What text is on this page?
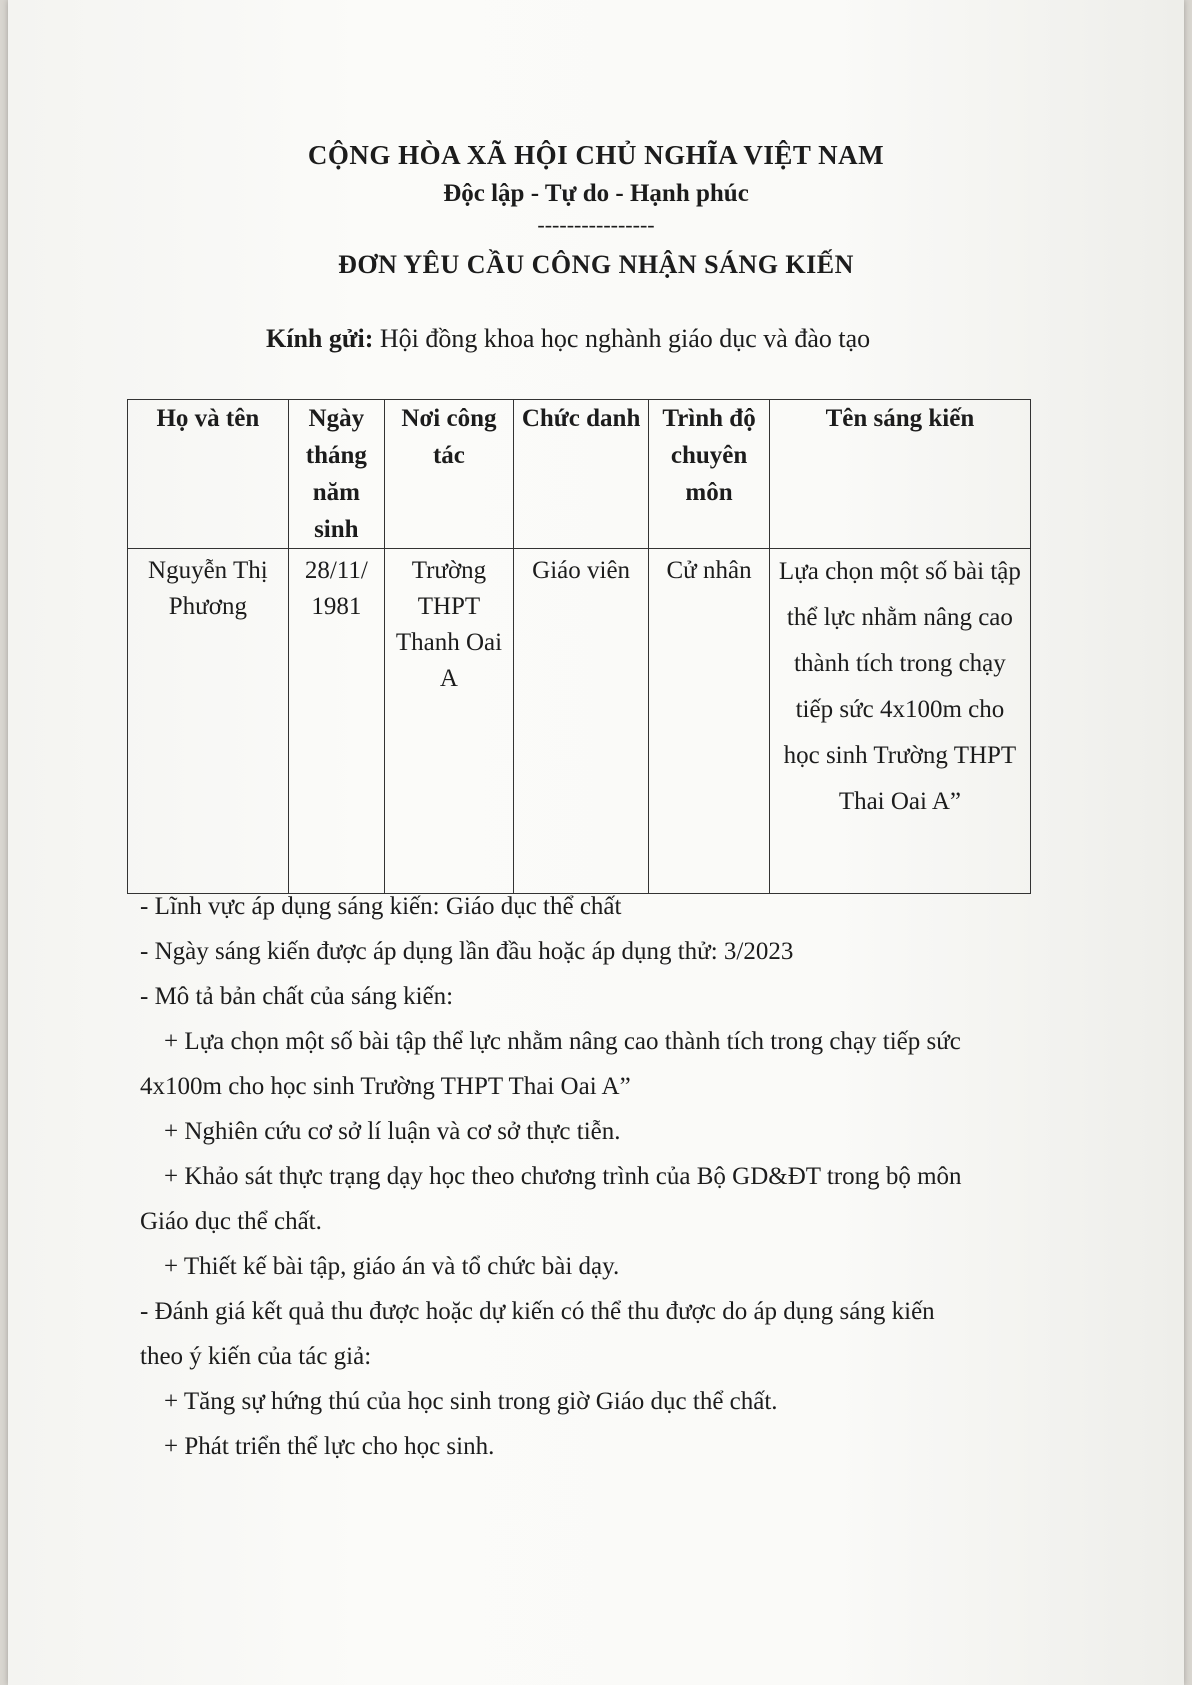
CỘNG HÒA XÃ HỘI CHỦ NGHĨA VIỆT NAM
Độc lập - Tự do - Hạnh phúc
----------------
ĐƠN YÊU CẦU CÔNG NHẬN SÁNG KIẾN
Kính gửi: Hội đồng khoa học nghành giáo dục và đào tạo
Họ và tên	Ngày tháng năm sinh	Nơi công tác	Chức danh	Trình độ chuyên môn	Tên sáng kiến
Nguyễn Thị Phương	28/11/ 1981	Trường THPT Thanh Oai A	Giáo viên	Cử nhân	Lựa chọn một số bài tập thể lực nhằm nâng cao thành tích trong chạy tiếp sức 4x100m cho học sinh Trường THPT Thai Oai A”
- Lĩnh vực áp dụng sáng kiến: Giáo dục thể chất
- Ngày sáng kiến được áp dụng lần đầu hoặc áp dụng thử: 3/2023
- Mô tả bản chất của sáng kiến:
+ Lựa chọn một số bài tập thể lực nhằm nâng cao thành tích trong chạy tiếp sức
4x100m cho học sinh Trường THPT Thai Oai A”
+ Nghiên cứu cơ sở lí luận và cơ sở thực tiễn.
+ Khảo sát thực trạng dạy học theo chương trình của Bộ GD&ĐT trong bộ môn
Giáo dục thể chất.
+ Thiết kế bài tập, giáo án và tổ chức bài dạy.
- Đánh giá kết quả thu được hoặc dự kiến có thể thu được do áp dụng sáng kiến
theo ý kiến của tác giả:
+ Tăng sự hứng thú của học sinh trong giờ Giáo dục thể chất.
+ Phát triển thể lực cho học sinh.
